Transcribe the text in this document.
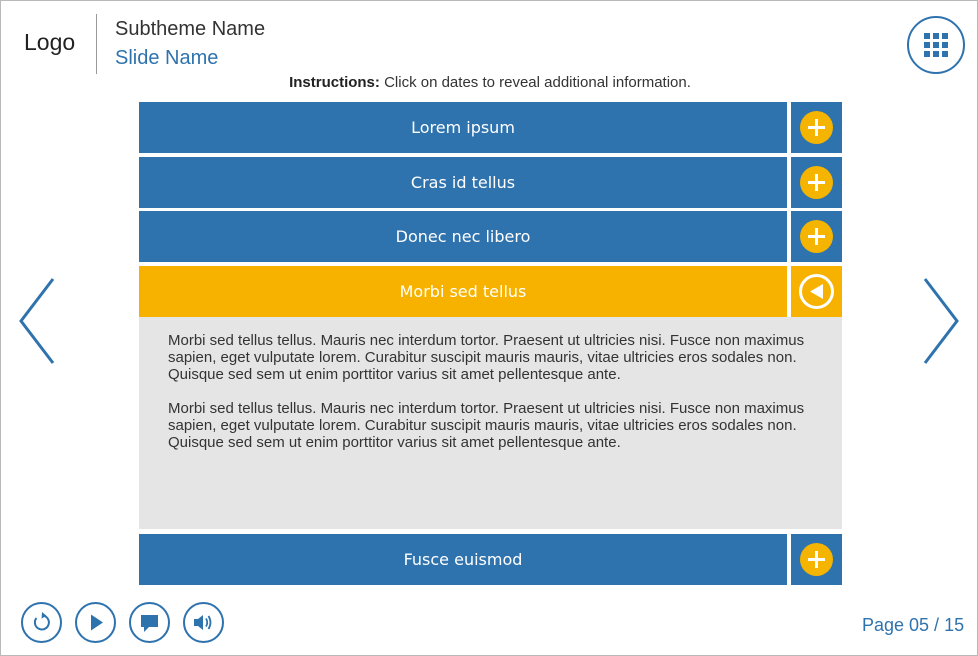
Logo Subtheme Name
Slide Name
Instructions: Click on dates to reveal additional information.
Lorem ipsum
Cras id tellus
Donec nec libero
Morbi sed tellus

Morbi sed tellus tellus. Mauris nec interdum tortor. Praesent ut ultricies nisi. Fusce non maximus sapien, eget vulputate lorem. Curabitur suscipit mauris mauris, vitae ultricies eros sodales non. Quisque sed sem ut enim porttitor varius sit amet pellentesque ante.

Morbi sed tellus tellus. Mauris nec interdum tortor. Praesent ut ultricies nisi. Fusce non maximus sapien, eget vulputate lorem. Curabitur suscipit mauris mauris, vitae ultricies eros sodales non. Quisque sed sem ut enim porttitor varius sit amet pellentesque ante.

Fusce euismod
Page 05 / 15
